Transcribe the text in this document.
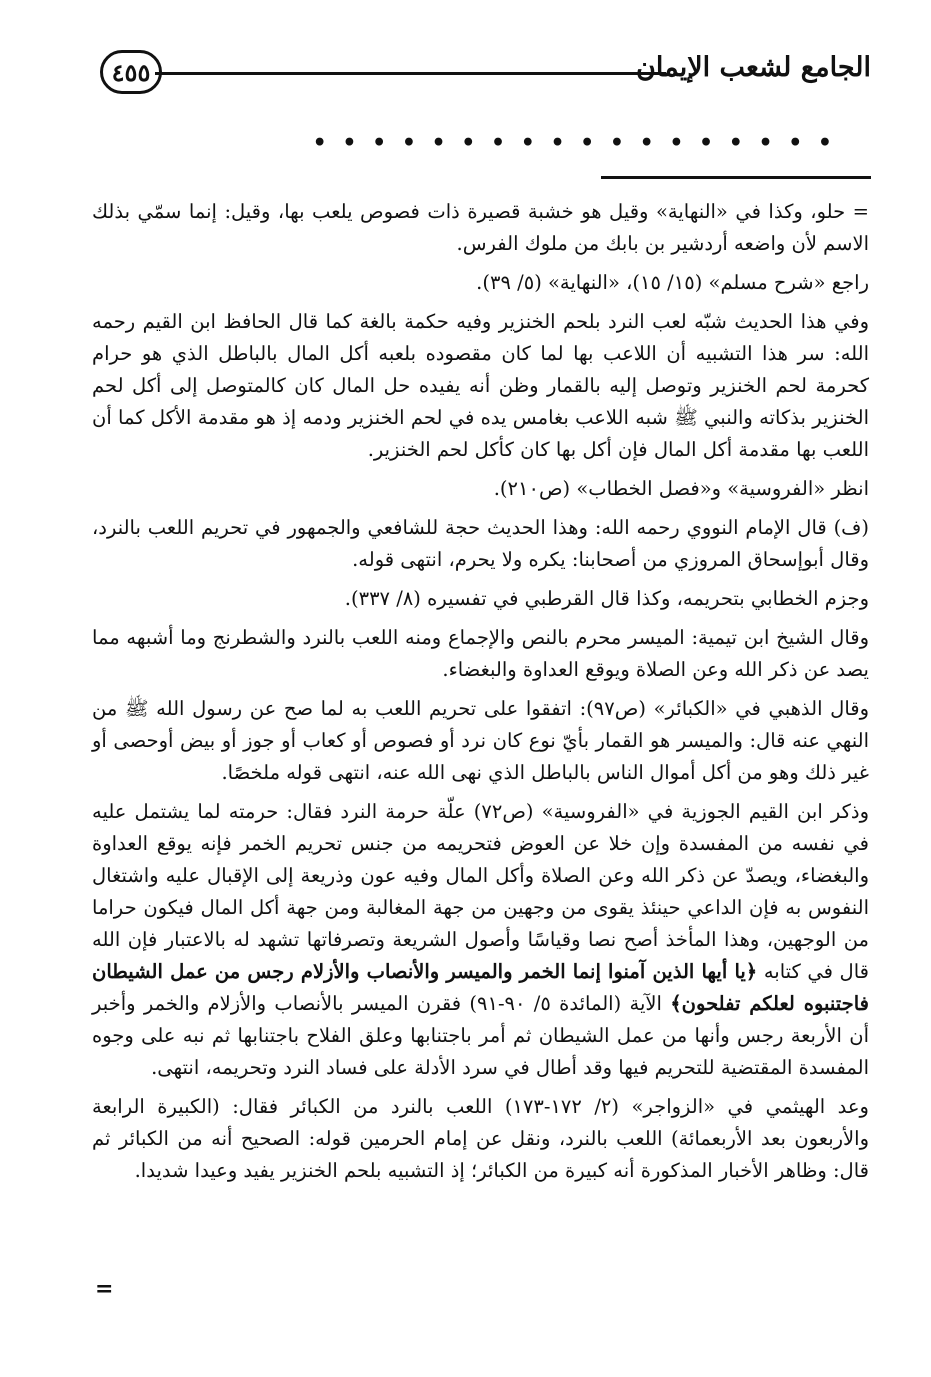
الجامع لشعب الإيمان
٤٥٥
• • • • • • • • • • • • • • • • • •

= حلو، وكذا في «النهاية» وقيل هو خشبة قصيرة ذات فصوص يلعب بها، وقيل: إنما سمّي بذلك الاسم لأن واضعه أردشير بن بابك من ملوك الفرس.

راجع «شرح مسلم» (١٥/ ١٥)، «النهاية» (٥/ ٣٩).

وفي هذا الحديث شبّه لعب النرد بلحم الخنزير وفيه حكمة بالغة كما قال الحافظ ابن القيم رحمه الله: سر هذا التشبيه أن اللاعب بها لما كان مقصوده بلعبه أكل المال بالباطل الذي هو حرام كحرمة لحم الخنزير وتوصل إليه بالقمار وظن أنه يفيده حل المال كان كالمتوصل إلى أكل لحم الخنزير بذكاته والنبي ﷺ شبه اللاعب بغامس يده في لحم الخنزير ودمه إذ هو مقدمة الأكل كما أن اللعب بها مقدمة أكل المال فإن أكل بها كان كأكل لحم الخنزير.

انظر «الفروسية» و«فصل الخطاب» (ص٢١٠).

(ف) قال الإمام النووي رحمه الله: وهذا الحديث حجة للشافعي والجمهور في تحريم اللعب بالنرد، وقال أبوإسحاق المروزي من أصحابنا: يكره ولا يحرم، انتهى قوله.

وجزم الخطابي بتحريمه، وكذا قال القرطبي في تفسيره (٨/ ٣٣٧).

وقال الشيخ ابن تيمية: الميسر محرم بالنص والإجماع ومنه اللعب بالنرد والشطرنج وما أشبهه مما يصد عن ذكر الله وعن الصلاة ويوقع العداوة والبغضاء.

وقال الذهبي في «الكبائر» (ص٩٧): اتفقوا على تحريم اللعب به لما صح عن رسول الله ﷺ من النهي عنه قال: والميسر هو القمار بأيّ نوع كان نرد أو فصوص أو كعاب أو جوز أو بيض أوحصى أو غير ذلك وهو من أكل أموال الناس بالباطل الذي نهى الله عنه، انتهى قوله ملخصًا.

وذكر ابن القيم الجوزية في «الفروسية» (ص٧٢) علّة حرمة النرد فقال: حرمته لما يشتمل عليه في نفسه من المفسدة وإن خلا عن العوض فتحريمه من جنس تحريم الخمر فإنه يوقع العداوة والبغضاء، ويصدّ عن ذكر الله وعن الصلاة وأكل المال وفيه عون وذريعة إلى الإقبال عليه واشتغال النفوس به فإن الداعي حينئذ يقوى من وجهين من جهة المغالبة ومن جهة أكل المال فيكون حراما من الوجهين، وهذا المأخذ أصح نصا وقياسًا وأصول الشريعة وتصرفاتها تشهد له بالاعتبار فإن الله قال في كتابه ﴿يا أيها الذين آمنوا إنما الخمر والميسر والأنصاب والأزلام رجس من عمل الشيطان فاجتنبوه لعلكم تفلحون﴾ الآية (المائدة ٥/ ٩٠-٩١) فقرن الميسر بالأنصاب والأزلام والخمر وأخبر أن الأربعة رجس وأنها من عمل الشيطان ثم أمر باجتنابها وعلق الفلاح باجتنابها ثم نبه على وجوه المفسدة المقتضية للتحريم فيها وقد أطال في سرد الأدلة على فساد النرد وتحريمه، انتهى.

وعد الهيثمي في «الزواجر» (٢/ ١٧٢-١٧٣) اللعب بالنرد من الكبائر فقال: (الكبيرة الرابعة والأربعون بعد الأربعمائة) اللعب بالنرد، ونقل عن إمام الحرمين قوله: الصحيح أنه من الكبائر ثم قال: وظاهر الأخبار المذكورة أنه كبيرة من الكبائر؛ إذ التشبيه بلحم الخنزير يفيد وعيدا شديدا.

=
